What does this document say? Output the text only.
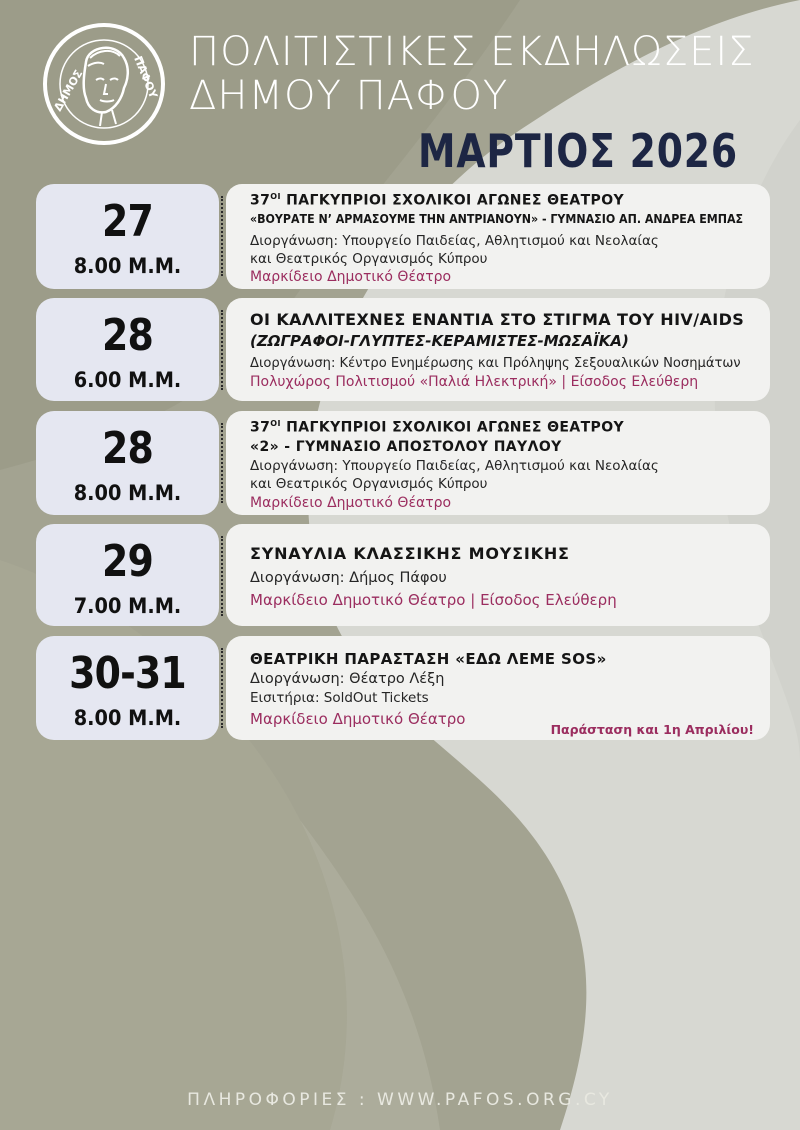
ΔΗΜΟΣ	ΠΑΦΟΥ
ΠΟΛΙΤΙΣΤΙΚΕΣ ΕΚΔΗΛΩΣΕΙΣ
ΔΗΜΟΥ ΠΑΦΟΥ
ΜΑΡΤΙΟΣ 2026
27
8.00 Μ.Μ.
$37^{OI}$ ΠΑΓΚΥΠΡΙΟΙ ΣΧΟΛΙΚΟΙ ΑΓΩΝΕΣ ΘΕΑΤΡΟΥ
«ΒΟΥΡΑΤΕ Ν’ ΑΡΜΑΣΟΥΜΕ ΤΗΝ ΑΝΤΡΙΑΝΟΥΝ» - ΓΥΜΝΑΣΙΟ ΑΠ. ΑΝΔΡΕΑ ΕΜΠΑΣ
Διοργάνωση: Υπουργείο Παιδείας, Αθλητισμού και Νεολαίας
και Θεατρικός Οργανισμός Κύπρου
Μαρκίδειο Δημοτικό Θέατρο
28
6.00 Μ.Μ.
ΟΙ ΚΑΛΛΙΤΕΧΝΕΣ ΕΝΑΝΤΙΑ ΣΤΟ ΣΤΙΓΜΑ ΤΟΥ HIV/AIDS
(ΖΩΓΡΑΦΟΙ-ΓΛΥΠΤΕΣ-ΚΕΡΑΜΙΣΤΕΣ-ΜΩΣΑΪΚΑ)
Διοργάνωση: Κέντρο Ενημέρωσης και Πρόληψης Σεξουαλικών Νοσημάτων
Πολυχώρος Πολιτισμού «Παλιά Ηλεκτρική» | Είσοδος Ελεύθερη
28
8.00 Μ.Μ.
$37^{OI}$ ΠΑΓΚΥΠΡΙΟΙ ΣΧΟΛΙΚΟΙ ΑΓΩΝΕΣ ΘΕΑΤΡΟΥ
«2» - ΓΥΜΝΑΣΙΟ ΑΠΟΣΤΟΛΟΥ ΠΑΥΛΟΥ
Διοργάνωση: Υπουργείο Παιδείας, Αθλητισμού και Νεολαίας
και Θεατρικός Οργανισμός Κύπρου
Μαρκίδειο Δημοτικό Θέατρο
29
7.00 Μ.Μ.
ΣΥΝΑΥΛΙΑ ΚΛΑΣΣΙΚΗΣ ΜΟΥΣΙΚΗΣ
Διοργάνωση: Δήμος Πάφου
Μαρκίδειο Δημοτικό Θέατρο | Είσοδος Ελεύθερη
30-31
8.00 Μ.Μ.
ΘΕΑΤΡΙΚΗ ΠΑΡΑΣΤΑΣΗ «ΕΔΩ ΛΕΜΕ SOS»
Διοργάνωση: Θέατρο Λέξη
Εισιτήρια: SoldOut Tickets
Μαρκίδειο Δημοτικό Θέατρο
Παράσταση και 1η Απριλίου!
ΠΛΗΡΟΦΟΡΙΕΣ : WWW.PAFOS.ORG.CY
